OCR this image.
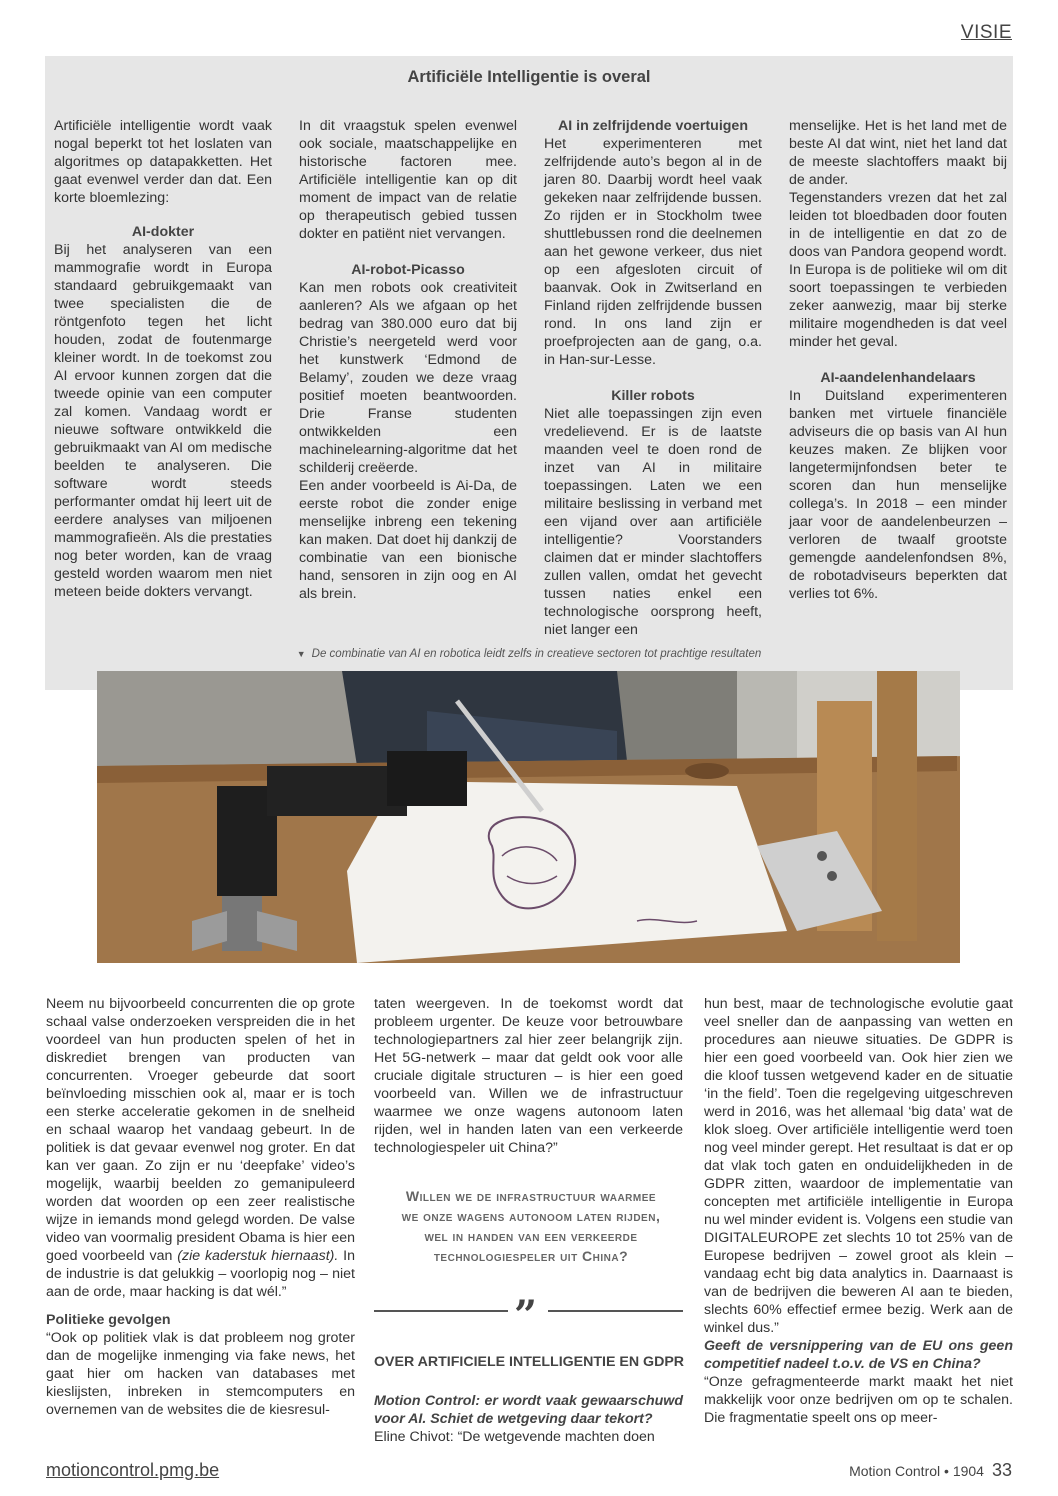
VISIE
Artificiële Intelligentie is overal

Artificiële intelligentie wordt vaak nogal beperkt tot het loslaten van algoritmes op datapakketten. Het gaat evenwel verder dan dat. Een korte bloemlezing:

AI-dokter

Bij het analyseren van een mammografie wordt in Europa standaard gebruikgemaakt van twee specialisten die de röntgenfoto tegen het licht houden, zodat de foutenmarge kleiner wordt. In de toekomst zou AI ervoor kunnen zorgen dat die tweede opinie van een computer zal komen. Vandaag wordt er nieuwe software ontwikkeld die gebruikmaakt van AI om medische beelden te analyseren. Die software wordt steeds performanter omdat hij leert uit de eerdere analyses van miljoenen mammografieën. Als die prestaties nog beter worden, kan de vraag gesteld worden waarom men niet meteen beide dokters vervangt.

In dit vraagstuk spelen evenwel ook sociale, maatschappelijke en historische factoren mee. Artificiële intelligentie kan op dit moment de impact van de relatie op therapeutisch gebied tussen dokter en patiënt niet vervangen.

AI-robot-Picasso

Kan men robots ook creativiteit aanleren? Als we afgaan op het bedrag van 380.000 euro dat bij Christie’s neergeteld werd voor het kunstwerk ‘Edmond de Belamy’, zouden we deze vraag positief moeten beantwoorden. Drie Franse studenten ontwikkelden een machinelearning-algoritme dat het schilderij creëerde.

Een ander voorbeeld is Ai-Da, de eerste robot die zonder enige menselijke inbreng een tekening kan maken. Dat doet hij dankzij de combinatie van een bionische hand, sensoren in zijn oog en AI als brein.

AI in zelfrijdende voertuigen

Het experimenteren met zelfrijdende auto’s begon al in de jaren 80. Daarbij wordt heel vaak gekeken naar zelfrijdende bussen. Zo rijden er in Stockholm twee shuttlebussen rond die deelnemen aan het gewone verkeer, dus niet op een afgesloten circuit of baanvak. Ook in Zwitserland en Finland rijden zelfrijdende bussen rond. In ons land zijn er proefprojecten aan de gang, o.a. in Han-sur-Lesse.

Killer robots

Niet alle toepassingen zijn even vredelievend. Er is de laatste maanden veel te doen rond de inzet van AI in militaire toepassingen. Laten we een militaire beslissing in verband met een vijand over aan artificiële intelligentie? Voorstanders claimen dat er minder slachtoffers zullen vallen, omdat het gevecht tussen naties enkel een technologische oorsprong heeft, niet langer een

menselijke. Het is het land met de beste AI dat wint, niet het land dat de meeste slachtoffers maakt bij de ander.

Tegenstanders vrezen dat het zal leiden tot bloedbaden door fouten in de intelligentie en dat zo de doos van Pandora geopend wordt. In Europa is de politieke wil om dit soort toepassingen te verbieden zeker aanwezig, maar bij sterke militaire mogendheden is dat veel minder het geval.

AI-aandelenhandelaars

In Duitsland experimenteren banken met virtuele financiële adviseurs die op basis van AI hun keuzes maken. Ze blijken voor langetermijnfondsen beter te scoren dan hun menselijke collega’s. In 2018 – een minder jaar voor de aandelenbeurzen – verloren de twaalf grootste gemengde aandelenfondsen 8%, de robotadviseurs beperkten dat verlies tot 6%.

▼ De combinatie van AI en robotica leidt zelfs in creatieve sectoren tot prachtige resultaten

Neem nu bijvoorbeeld concurrenten die op grote schaal valse onderzoeken verspreiden die in het voordeel van hun producten spelen of het in diskrediet brengen van producten van concurrenten. Vroeger gebeurde dat soort beïnvloeding misschien ook al, maar er is toch een sterke acceleratie gekomen in de snelheid en schaal waarop het vandaag gebeurt. In de politiek is dat gevaar evenwel nog groter. En dat kan ver gaan. Zo zijn er nu ‘deepfake’ video’s mogelijk, waarbij beelden zo gemanipuleerd worden dat woorden op een zeer realistische wijze in iemands mond gelegd worden. De valse video van voormalig president Obama is hier een goed voorbeeld van (zie kaderstuk hiernaast). In de industrie is dat gelukkig – voorlopig nog – niet aan de orde, maar hacking is dat wél.”

Politieke gevolgen

“Ook op politiek vlak is dat probleem nog groter dan de mogelijke inmenging via fake news, het gaat hier om hacken van databases met kieslijsten, inbreken in stemcomputers en overnemen van de websites die de kiesresul-

taten weergeven. In de toekomst wordt dat probleem urgenter. De keuze voor betrouwbare technologiepartners zal hier zeer belangrijk zijn. Het 5G-netwerk – maar dat geldt ook voor alle cruciale digitale structuren – is hier een goed voorbeeld van. Willen we de infrastructuur waarmee we onze wagens autonoom laten rijden, wel in handen laten van een verkeerde technologiespeler uit China?”

Willen we de infrastructuur waarmee we onze wagens autonoom laten rijden, wel in handen van een verkeerde technologiespeler uit China?
”
OVER ARTIFICIELE INTELLIGENTIE EN GDPR

Motion Control: er wordt vaak gewaarschuwd voor AI. Schiet de wetgeving daar tekort?

Eline Chivot: “De wetgevende machten doen

hun best, maar de technologische evolutie gaat veel sneller dan de aanpassing van wetten en procedures aan nieuwe situaties. De GDPR is hier een goed voorbeeld van. Ook hier zien we die kloof tussen wetgevend kader en de situatie ‘in the field’. Toen die regelgeving uitgeschreven werd in 2016, was het allemaal ‘big data’ wat de klok sloeg. Over artificiële intelligentie werd toen nog veel minder gerept. Het resultaat is dat er op dat vlak toch gaten en onduidelijkheden in de GDPR zitten, waardoor de implementatie van concepten met artificiële intelligentie in Europa nu wel minder evident is. Volgens een studie van DIGITALEUROPE zet slechts 10 tot 25% van de Europese bedrijven – zowel groot als klein – vandaag echt big data analytics in. Daarnaast is van de bedrijven die beweren AI aan te bieden, slechts 60% effectief ermee bezig. Werk aan de winkel dus.”

Geeft de versnippering van de EU ons geen competitief nadeel t.o.v. de VS en China?

“Onze gefragmenteerde markt maakt het niet makkelijk voor onze bedrijven om op te schalen. Die fragmentatie speelt ons op meer-

motioncontrol.pmg.be	Motion Control • 1904 33
